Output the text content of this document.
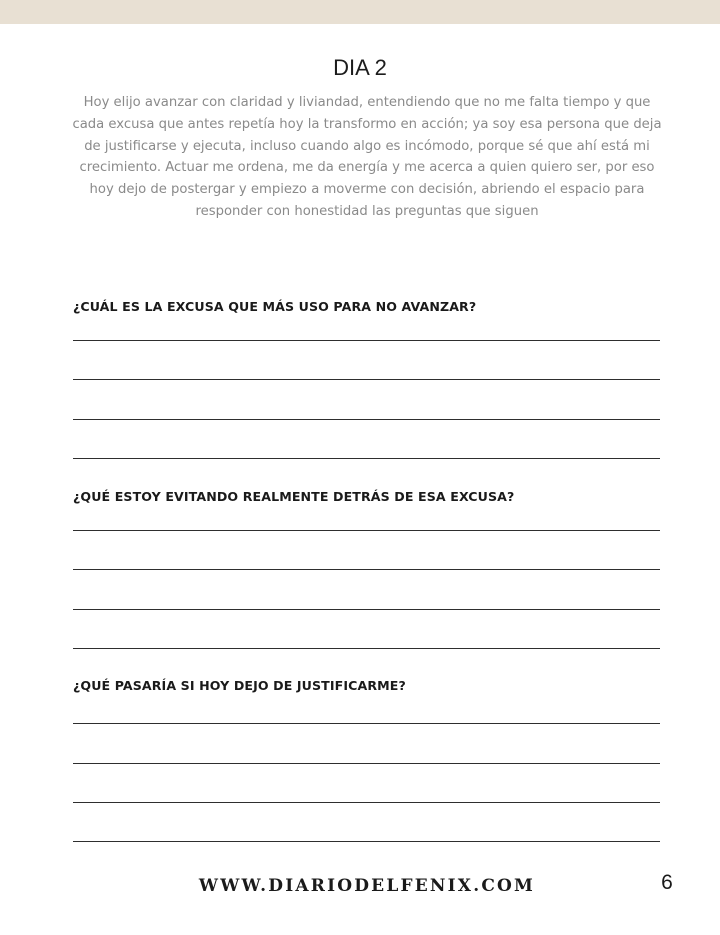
DIA 2

Hoy elijo avanzar con claridad y liviandad, entendiendo que no me falta tiempo y que cada excusa que antes repetía hoy la transformo en acción; ya soy esa persona que deja de justificarse y ejecuta, incluso cuando algo es incómodo, porque sé que ahí está mi crecimiento. Actuar me ordena, me da energía y me acerca a quien quiero ser, por eso hoy dejo de postergar y empiezo a moverme con decisión, abriendo el espacio para responder con honestidad las preguntas que siguen

¿CUÁL ES LA EXCUSA QUE MÁS USO PARA NO AVANZAR?

¿QUÉ ESTOY EVITANDO REALMENTE DETRÁS DE ESA EXCUSA?

¿QUÉ PASARÍA SI HOY DEJO DE JUSTIFICARME?

WWW.DIARIODELFENIX.COM	6
